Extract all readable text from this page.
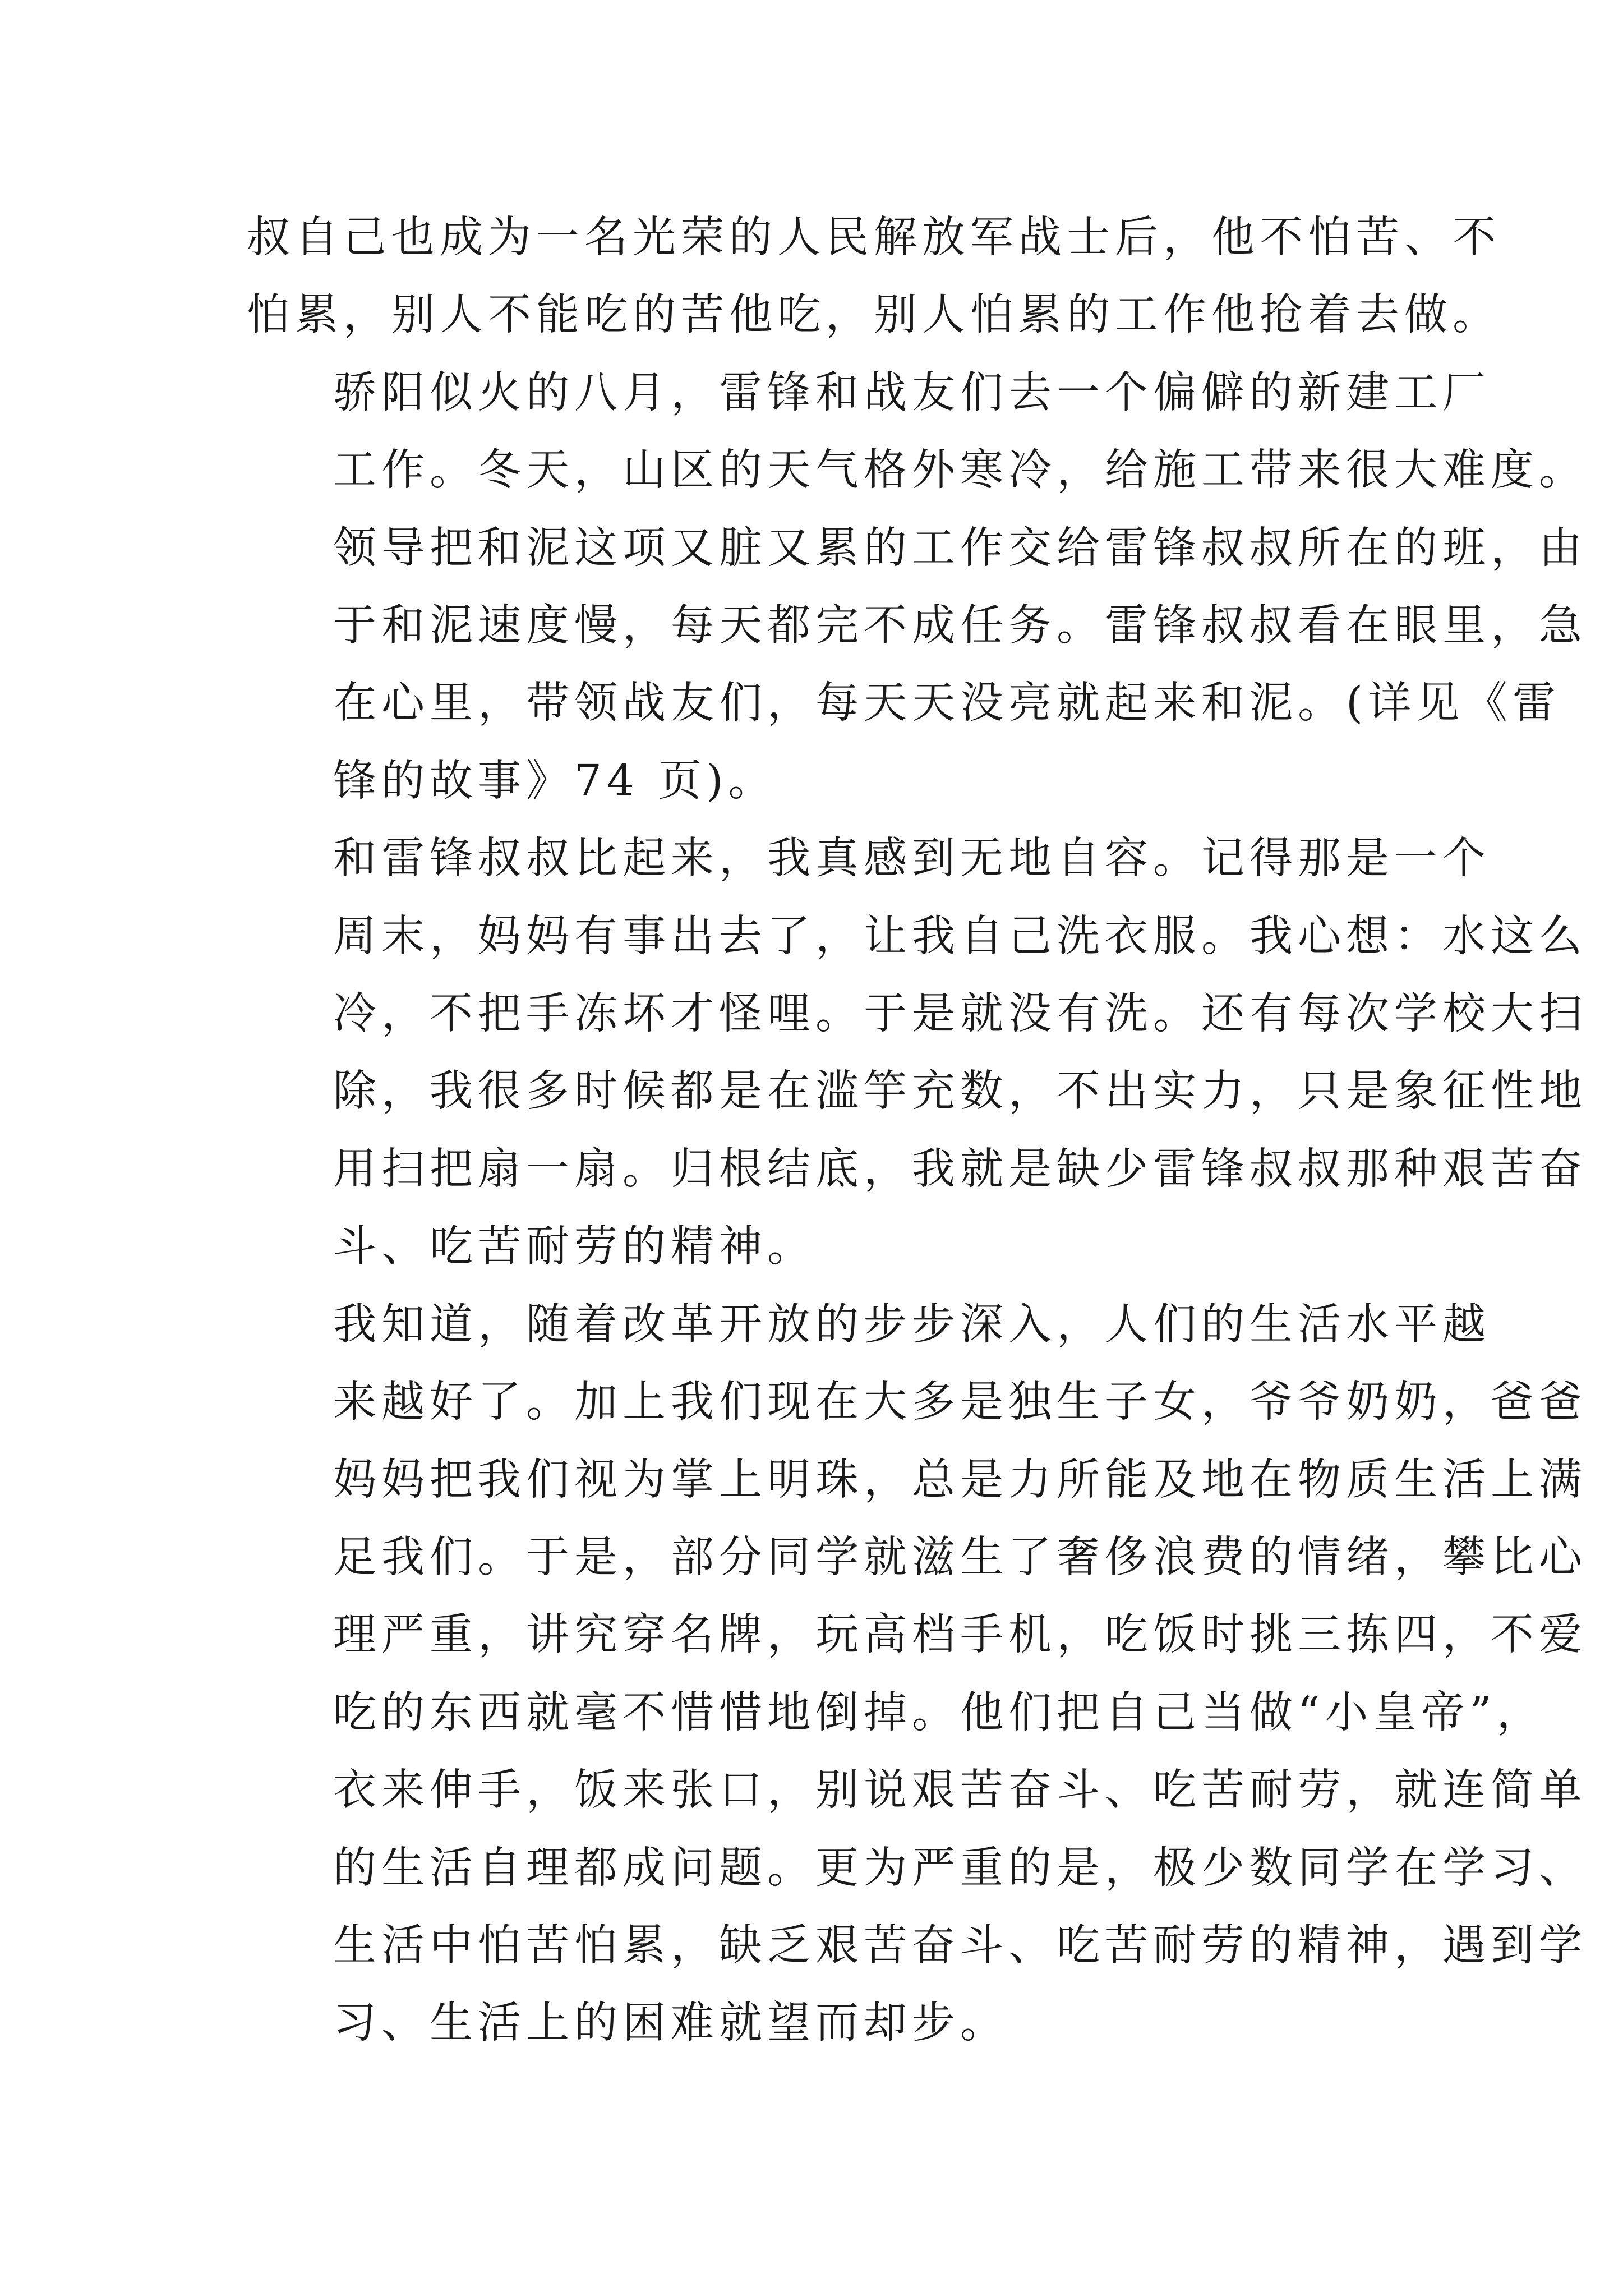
叔自己也成为一名光荣的人民解放军战士后，他不怕苦、不
怕累，别人不能吃的苦他吃，别人怕累的工作他抢着去做。

骄阳似火的八月，雷锋和战友们去一个偏僻的新建工厂
工作。冬天，山区的天气格外寒冷，给施工带来很大难度。
领导把和泥这项又脏又累的工作交给雷锋叔叔所在的班，由
于和泥速度慢，每天都完不成任务。雷锋叔叔看在眼里，急
在心里，带领战友们，每天天没亮就起来和泥。(详见《雷
锋的故事》74 页)。

和雷锋叔叔比起来，我真感到无地自容。记得那是一个
周末，妈妈有事出去了，让我自己洗衣服。我心想：水这么
冷，不把手冻坏才怪哩。于是就没有洗。还有每次学校大扫
除，我很多时候都是在滥竽充数，不出实力，只是象征性地
用扫把扇一扇。归根结底，我就是缺少雷锋叔叔那种艰苦奋
斗、吃苦耐劳的精神。

我知道，随着改革开放的步步深入，人们的生活水平越
来越好了。加上我们现在大多是独生子女，爷爷奶奶，爸爸
妈妈把我们视为掌上明珠，总是力所能及地在物质生活上满
足我们。于是，部分同学就滋生了奢侈浪费的情绪，攀比心
理严重，讲究穿名牌，玩高档手机，吃饭时挑三拣四，不爱
吃的东西就毫不惜惜地倒掉。他们把自己当做“小皇帝”，
衣来伸手，饭来张口，别说艰苦奋斗、吃苦耐劳，就连简单
的生活自理都成问题。更为严重的是，极少数同学在学习、
生活中怕苦怕累，缺乏艰苦奋斗、吃苦耐劳的精神，遇到学
习、生活上的困难就望而却步。
